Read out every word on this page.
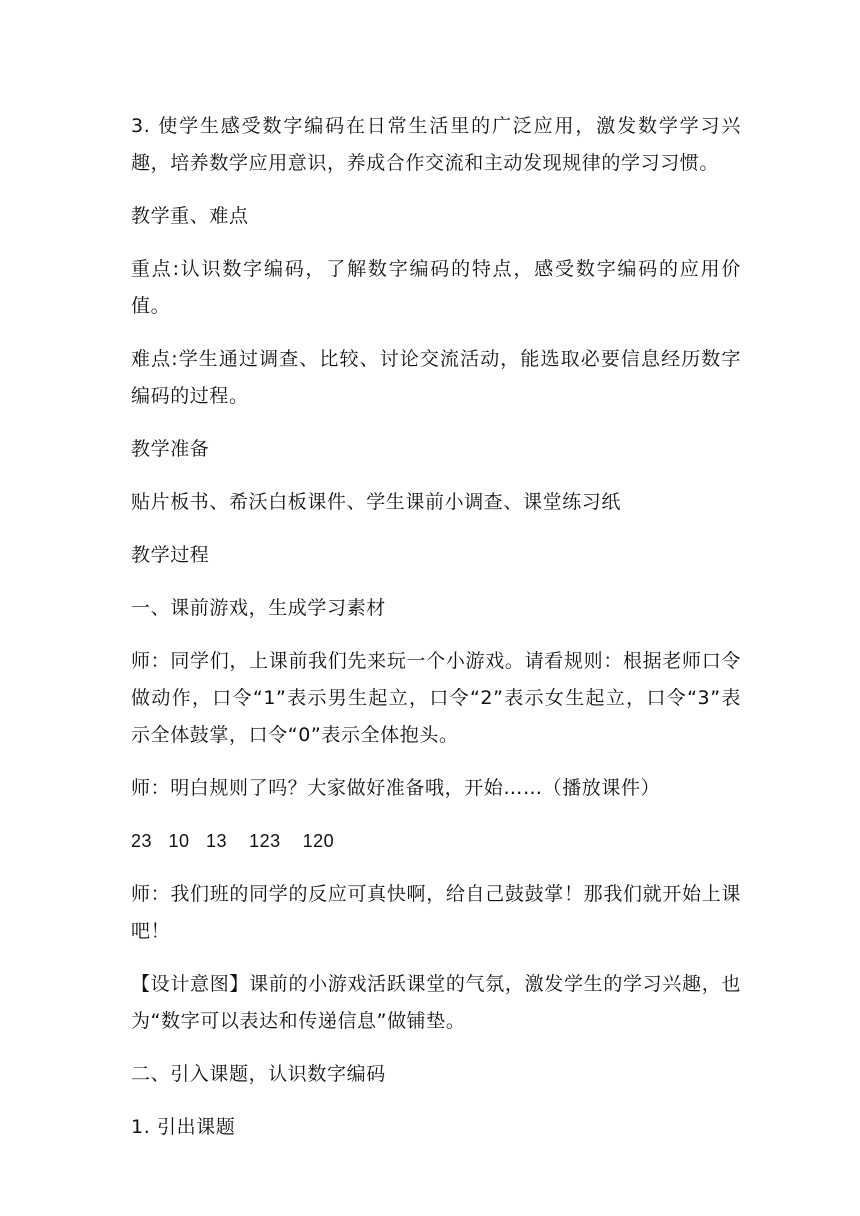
3. 使学生感受数字编码在日常生活里的广泛应用，激发数学学习兴趣，培养数学应用意识，养成合作交流和主动发现规律的学习习惯。

教学重、难点

重点:认识数字编码，了解数字编码的特点，感受数字编码的应用价值。

难点:学生通过调查、比较、讨论交流活动，能选取必要信息经历数字编码的过程。

教学准备

贴片板书、希沃白板课件、学生课前小调查、课堂练习纸

教学过程

一、课前游戏，生成学习素材

师：同学们，上课前我们先来玩一个小游戏。请看规则：根据老师口令做动作，口令“1”表示男生起立，口令“2”表示女生起立，口令“3”表示全体鼓掌，口令“0”表示全体抱头。

师：明白规则了吗？大家做好准备哦，开始……（播放课件）

23   10   13    123    120

师：我们班的同学的反应可真快啊，给自己鼓鼓掌！那我们就开始上课吧！

【设计意图】课前的小游戏活跃课堂的气氛，激发学生的学习兴趣，也为“数字可以表达和传递信息”做铺垫。

二、引入课题，认识数字编码

1. 引出课题
